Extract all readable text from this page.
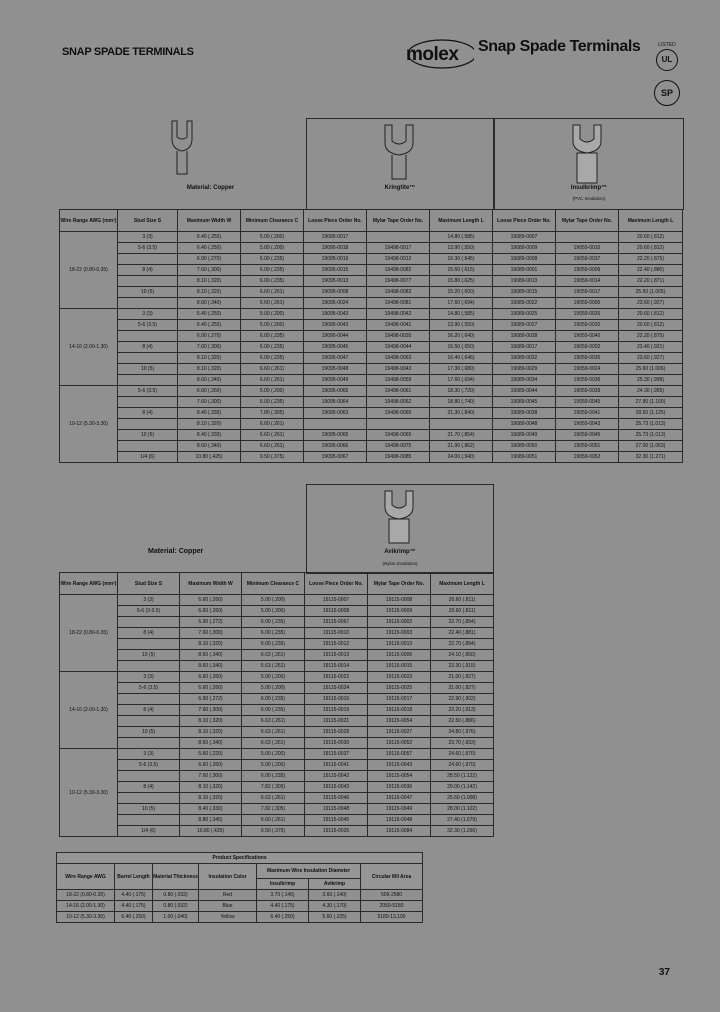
SNAP SPADE TERMINALS	molex Snap Spade Terminals	LISTED
UL
SP
Material: Copper	Kringtite™	Insulkrimp™
(PVC Insulation)
Wire Range AWG (mm²)	Stud Size S	Maximum Width W	Minimum Clearance C	Loose Piece Order No.	Mylar Tape Order No.	Maximum Length L	Loose Piece Order No.	Mylar Tape Order No.	Maximum Length L
18-22 (0.80-0.35)	3 (3)	6.40 (.250)	5.00 (.200)	19095-0017		14.80 (.585)	19089-0007		20.60 (.812)
	5-6 (3.5)	6.40 (.250)	5.00 (.200)	19095-0018	19498-0017	13.90 (.550)	19089-0009	19059-0010	20.60 (.812)
		6.90 (.270)	6.00 (.235)	19095-0019	19498-0012	16.30 (.645)	19089-0008	19059-0037	22.20 (.875)
	8 (4)	7.60 (.300)	6.00 (.235)	19095-0015	19498-0082	15.60 (.615)	19089-0001	19059-0009	22.40 (.880)
		8.10 (.320)	6.00 (.235)	19095-0013	19498-0077	15.80 (.625)	19089-0013	19059-0014	22.20 (.871)
	10 (5)	8.10 (.320)	6.60 (.261)	19095-0008	19498-0083	15.20 (.600)	19089-0015	19059-0017	25.50 (1.005)
		8.60 (.340)	6.60 (.261)	19095-0024	19498-0081	17.60 (.694)	19089-0022	19059-0005	23.60 (.927)
14-16 (2.00-1.30)	3 (3)	6.40 (.250)	5.00 (.200)	19095-0043	19498-0042	14.80 (.585)	19089-0025	19059-0026	20.60 (.812)
	5-6 (3.5)	6.40 (.250)	5.00 (.200)	19095-0043	19498-0041	13.90 (.550)	19089-0027	19059-0020	20.60 (.812)
		6.90 (.270)	6.00 (.235)	19095-0044	19498-0035	16.20 (.640)	19089-0028	19059-0040	22.20 (.875)
	8 (4)	7.60 (.300)	6.00 (.235)	19095-0045	19498-0044	16.50 (.650)	19089-0017	19059-0002	23.40 (.921)
		8.10 (.320)	6.00 (.235)	19095-0047	19498-0063	16.40 (.646)	19089-0032	19059-0035	23.60 (.927)
	10 (5)	8.10 (.320)	6.60 (.261)	19095-0048	19498-0043	17.30 (.680)	19089-0029	19059-0024	25.60 (1.006)
		8.60 (.340)	6.60 (.261)	19095-0049	19498-0059	17.60 (.694)	19089-0034	19059-0036	25.30 (.998)
10-12 (5.30-3.30)	5-6 (3.5)	6.60 (.260)	5.00 (.200)	19095-0065	19498-0061	18.30 (.720)	19089-0044	19059-0039	24.30 (.955)
		7.60 (.300)	6.00 (.235)	19095-0064	19498-0062	18.80 (.740)	19089-0045	19059-0045	27.90 (1.100)
	8 (4)	8.40 (.330)	7.80 (.305)	19095-0063	19498-0060	21.30 (.840)	19089-0038	19059-0041	28.60 (1.125)
		8.10 (.320)	6.60 (.261)				19089-0048	19059-0043	25.73 (1.013)
	10 (5)	8.40 (.330)	6.60 (.261)	19095-0065	19498-0065	21.70 (.854)	19089-0049	19059-0045	25.73 (1.013)
		8.60 (.340)	6.60 (.261)	19095-0066	19498-0075	21.90 (.862)	19089-0050	19059-0051	27.00 (1.063)
	1/4 (6)	10.80 (.425)	9.50 (.375)	19095-0067	19498-0085	24.00 (.940)	19089-0051	19059-0052	32.30 (1.271)
Material: Copper	Avikrimp™
(Nylon Insulation)
Wire Range AWG (mm²)	Stud Size S	Maximum Width W	Minimum Clearance C	Loose Piece Order No.	Mylar Tape Order No.	Maximum Length L
18-22 (0.80-0.35)	3 (3)	6.60 (.260)	5.00 (.200)	19115-0007	19115-0008	20.60 (.811)
	5-6 (3-3.5)	6.60 (.260)	5.00 (.200)	19115-0008	19115-0009	20.60 (.811)
		6.90 (.272)	6.00 (.235)	19115-0067	19115-0002	22.70 (.894)
	8 (4)	7.60 (.300)	6.00 (.235)	19115-0010	19115-0003	22.40 (.881)
		8.10 (.320)	6.00 (.235)	19115-0012	19115-0013	22.70 (.894)
	10 (5)	8.60 (.340)	6.63 (.261)	19115-0013	19115-0006	24.10 (.950)
		8.60 (.340)	6.63 (.261)	19115-0014	19115-0015	23.30 (.915)
14-16 (2.00-1.30)	3 (3)	6.60 (.260)	5.00 (.200)	19115-0022	19115-0023	21.00 (.827)
	5-6 (3.5)	6.60 (.260)	5.00 (.200)	19115-0024	19115-0025	21.00 (.827)
		6.90 (.272)	6.00 (.235)	19115-0016	19115-0017	22.90 (.902)
	8 (4)	7.60 (.300)	6.00 (.235)	19115-0019	19115-0018	23.20 (.913)
		8.10 (.320)	6.63 (.261)	19115-0021	19115-0054	22.50 (.886)
	10 (5)	8.10 (.320)	6.63 (.261)	19115-0028	19115-0027	24.80 (.976)
		8.60 (.340)	6.63 (.261)	19115-0030	19115-0052	23.70 (.933)
10-12 (5.30-3.30)	3 (3)	5.60 (.220)	5.00 (.200)	19115-0037	19115-0057	24.60 (.970)
	5-6 (3.5)	6.60 (.260)	5.00 (.200)	19115-0041	19115-0043	24.60 (.970)
		7.60 (.300)	6.00 (.235)	19115-0042	19115-0054	28.50 (1.122)
	8 (4)	8.10 (.320)	7.82 (.305)	19115-0043	19115-0036	29.00 (1.142)
		8.10 (.320)	6.63 (.261)	19115-0046	19115-0047	25.60 (1.008)
	10 (5)	8.40 (.330)	7.82 (.305)	19115-0048	19115-0049	28.00 (1.102)
		8.80 (.345)	6.60 (.261)	19115-0045	19115-0048	27.40 (1.079)
	1/4 (6)	10.80 (.425)	9.50 (.375)	19115-0025	19115-0084	32.30 (1.266)
Product Specifications						
Wire Range AWG	Barrel Length	Material Thickness	Insulation Color	Maximum Wire Insulation Diameter		Circular Mil Area
				Insulkrimp	Avikrimp	
18-22 (0.80-0.35)	4.40 (.175)	0.80 (.032)	Red	3.70 (.145)	3.60 (.140)	509-2580
14-16 (2.00-1.30)	4.40 (.175)	0.80 (.032)	Blue	4.40 (.175)	4.30 (.170)	2050-5180
10-12 (5.30-3.30)	6.40 (.250)	1.00 (.040)	Yellow	6.40 (.250)	5.60 (.225)	5180-13,100
37
